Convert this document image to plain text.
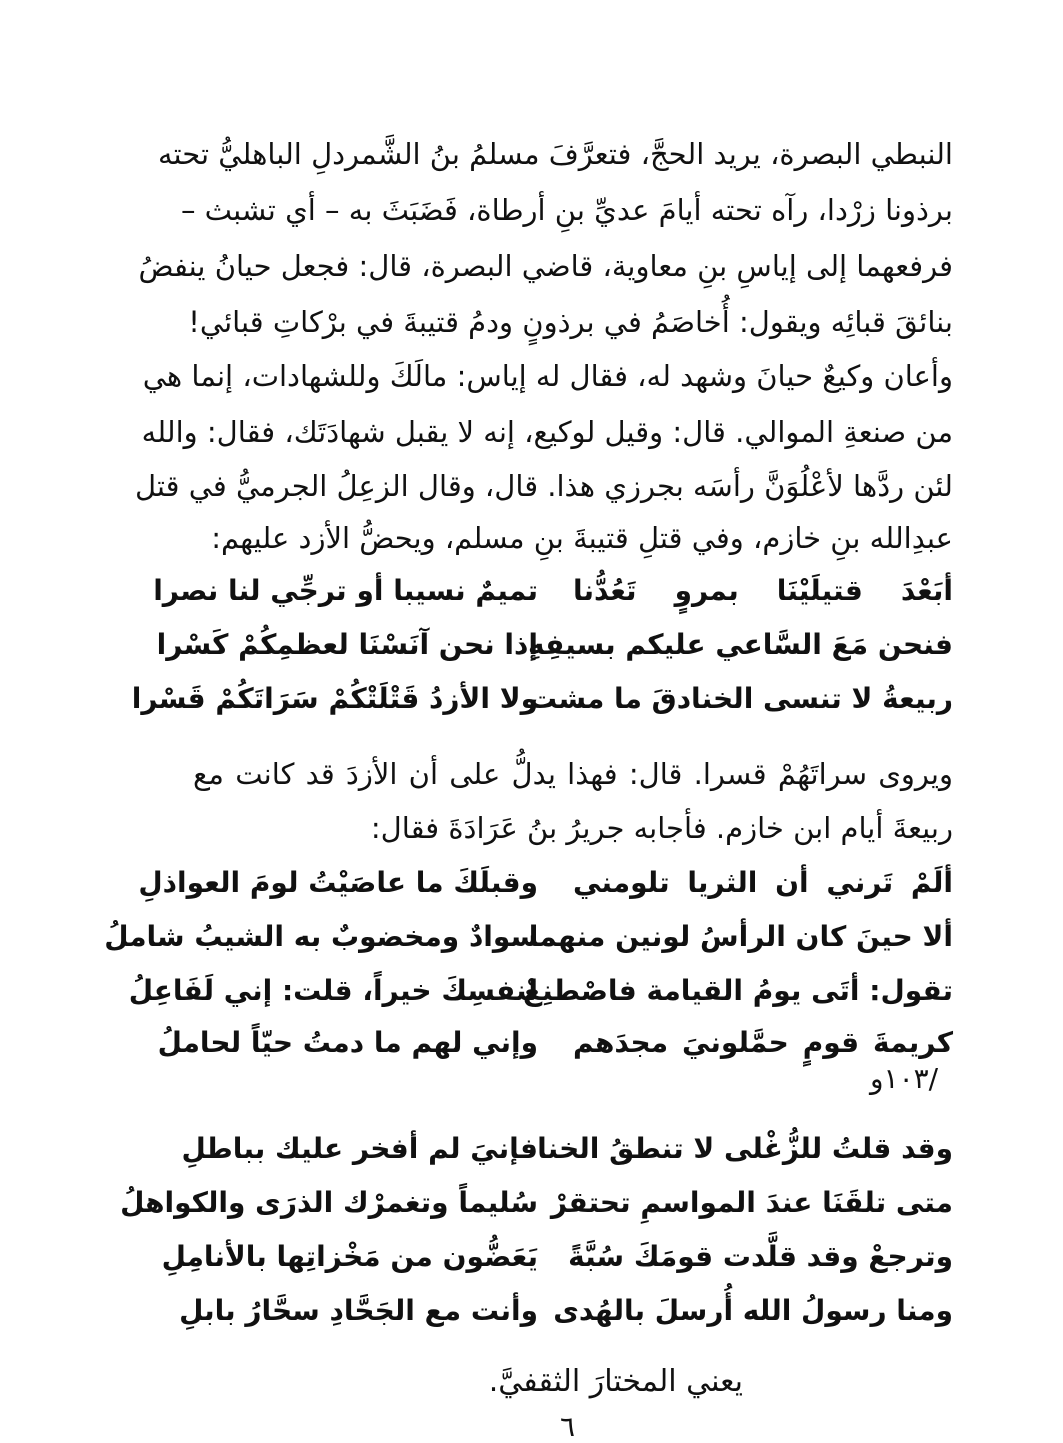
النبطي البصرة، يريد الحجَّ، فتعرَّفَ مسلمُ بنُ الشَّمردلِ الباهليُّ تحته
برذونا زرْدا، رآه تحته أيامَ عديِّ بنِ أرطاة، فَضَبَثَ به – أي تشبث –
فرفعهما إلى إياسِ بنِ معاوية، قاضي البصرة، قال: فجعل حيانُ ينفضُ
بنائقَ قبائِه ويقول: أُخاصَمُ في برذونٍ ودمُ قتيبةَ في برْكاتِ قبائي!
وأعان وكيعٌ حيانَ وشهد له، فقال له إياس: مالَكَ وللشهادات، إنما هي
من صنعةِ الموالي. قال: وقيل لوكيع، إنه لا يقبل شهادَتَك، فقال: والله
لئن ردَّها لأعْلُوَنَّ رأسَه بجرزي هذا. قال، وقال الزعِلُ الجرميُّ في قتل
عبدِالله بنِ خازم، وفي قتلِ قتيبةَ بنِ مسلم، ويحضُّ الأزد عليهم:
أبَعْدَ قتيلَيْنَا بمروٍ تَعُدُّنا
تميمٌ نسيبا أو ترجِّي لنا نصرا
فنحن مَعَ السَّاعي عليكم بسيفِهِ
إذا نحن آنَسْنَا لعظمِكُمْ كَسْرا
ربيعةُ لا تنسى الخنادقَ ما مشت
ولا الأزدُ قَتْلَتْكُمْ سَرَاتَكُمْ قَسْرا
ويروى سراتَهُمْ قسرا. قال: فهذا يدلُّ على أن الأزدَ قد كانت مع
ربيعةَ أيام ابن خازم. فأجابه جريرُ بنُ عَرَادَةَ فقال:
ألَمْ تَرني أن الثريا تلومني
وقبلَكَ ما عاصَيْتُ لومَ العواذلِ
ألا حينَ كان الرأسُ لونين منهما
سوادٌ ومخضوبٌ به الشيبُ شاملُ
تقول: أتَى يومُ القيامة فاصْطنِعْ
لنفسِكَ خيراً، قلت: إني لَفَاعِلُ
كريمةَ قومٍ حمَّلونيَ مجدَهم
وإني لهم ما دمتُ حيّاً لحاملُ
١٠٣و/
وقد قلتُ للزُّغْلى لا تنطقُ الخنا
فإنيَ لم أفخر عليك بباطلِ
متى تلقَنَا عندَ المواسمِ تحتقرْ
سُليماً وتغمرْك الذرَى والكواهلُ
وترجعْ وقد قلَّدت قومَكَ سُبَّةً
يَعَضُّون من مَخْزاتِها بالأنامِلِ
ومنا رسولُ الله أُرسلَ بالهُدى
وأنت مع الجَحَّادِ سحَّارُ بابلِ
يعني المختارَ الثقفيَّ.
٦
